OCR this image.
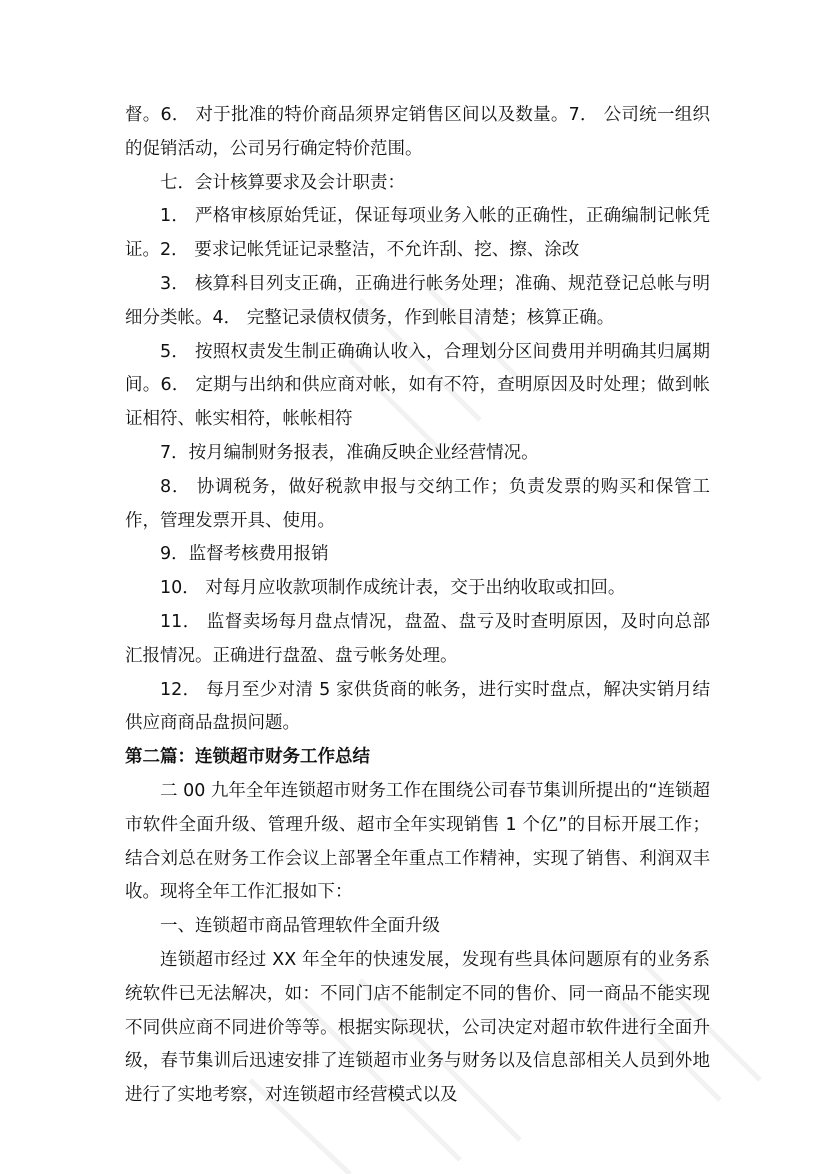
督。6． 对于批准的特价商品须界定销售区间以及数量。7． 公司统一组织的促销活动，公司另行确定特价范围。

七．会计核算要求及会计职责：

1． 严格审核原始凭证，保证每项业务入帐的正确性，正确编制记帐凭证。2． 要求记帐凭证记录整洁，不允许刮、挖、擦、涂改

3． 核算科目列支正确，正确进行帐务处理；准确、规范登记总帐与明细分类帐。4． 完整记录债权债务，作到帐目清楚；核算正确。

5． 按照权责发生制正确确认收入，合理划分区间费用并明确其归属期间。6． 定期与出纳和供应商对帐，如有不符，查明原因及时处理；做到帐证相符、帐实相符，帐帐相符

7．按月编制财务报表，准确反映企业经营情况。

8． 协调税务，做好税款申报与交纳工作；负责发票的购买和保管工作，管理发票开具、使用。

9．监督考核费用报销

10． 对每月应收款项制作成统计表，交于出纳收取或扣回。

11． 监督卖场每月盘点情况，盘盈、盘亏及时查明原因，及时向总部汇报情况。正确进行盘盈、盘亏帐务处理。

12． 每月至少对清 5 家供货商的帐务，进行实时盘点，解决实销月结供应商商品盘损问题。

第二篇：连锁超市财务工作总结

二 00 九年全年连锁超市财务工作在围绕公司春节集训所提出的“连锁超市软件全面升级、管理升级、超市全年实现销售 1 个亿”的目标开展工作；结合刘总在财务工作会议上部署全年重点工作精神，实现了销售、利润双丰收。现将全年工作汇报如下：

一、连锁超市商品管理软件全面升级

连锁超市经过 XX 年全年的快速发展，发现有些具体问题原有的业务系统软件已无法解决，如：不同门店不能制定不同的售价、同一商品不能实现不同供应商不同进价等等。根据实际现状，公司决定对超市软件进行全面升级，春节集训后迅速安排了连锁超市业务与财务以及信息部相关人员到外地进行了实地考察，对连锁超市经营模式以及
